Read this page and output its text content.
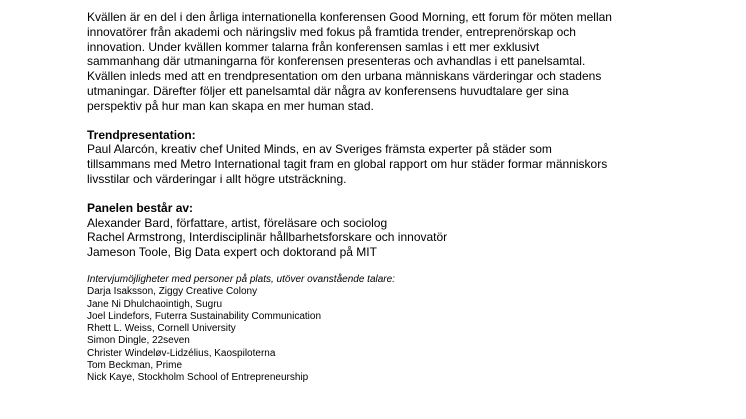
Kvällen är en del i den årliga internationella konferensen Good Morning, ett forum för möten mellan
innovatörer från akademi och näringsliv med fokus på framtida trender, entreprenörskap och
innovation. Under kvällen kommer talarna från konferensen samlas i ett mer exklusivt
sammanhang där utmaningarna för konferensen presenteras och avhandlas i ett panelsamtal.
Kvällen inleds med att en trendpresentation om den urbana människans värderingar och stadens
utmaningar. Därefter följer ett panelsamtal där några av konferensens huvudtalare ger sina
perspektiv på hur man kan skapa en mer human stad.

Trendpresentation:

Paul Alarcón, kreativ chef United Minds, en av Sveriges främsta experter på städer som
tillsammans med Metro International tagit fram en global rapport om hur städer formar människors
livsstilar och värderingar i allt högre utsträckning.

Panelen består av:

Alexander Bard, författare, artist, föreläsare och sociolog
Rachel Armstrong, Interdisciplinär hållbarhetsforskare och innovatör
Jameson Toole, Big Data expert och doktorand på MIT

Intervjumöjligheter med personer på plats, utöver ovanstående talare:
Darja Isaksson, Ziggy Creative Colony
Jane Ni Dhulchaointigh, Sugru
Joel Lindefors, Futerra Sustainability Communication
Rhett L. Weiss, Cornell University
Simon Dingle, 22seven
Christer Windeløv-Lidzélius, Kaospiloterna
Tom Beckman, Prime
Nick Kaye, Stockholm School of Entrepreneurship
